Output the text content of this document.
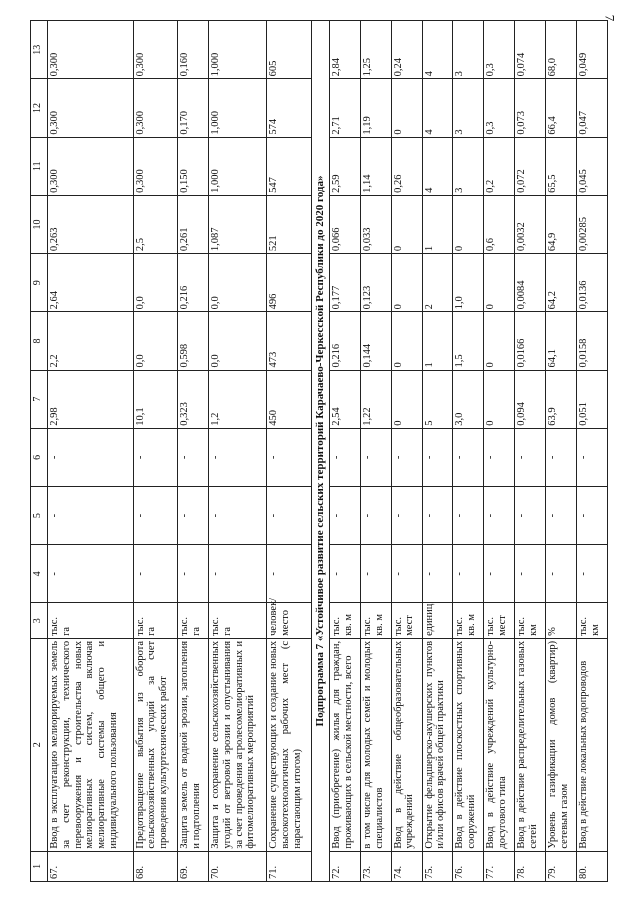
7
1	2	3	4	5	6	7	8	9	10	11	12	13
67.	Ввод в эксплуатацию мелиорируемых земель за счет реконструкции, технического перевооружения и строительства новых мелиоративных систем, включая мелиоративные системы общего и индивидуального пользования	тыс. га	-	-	-	2,98	2,2	2,64	0,263	0,300	0,300	0,300
68.	Предотвращение выбытия из оборота сельскохозяйственных угодий за счет проведения культуртехнических работ	тыс. га	-	-	-	10,1	0,0	0,0	2,5	0,300	0,300	0,300
69.	Защита земель от водной эрозии, затопления и подтопления	тыс. га	-	-	-	0,323	0,598	0,216	0,261	0,150	0,170	0,160
70.	Защита и сохранение сельскохозяйственных угодий от ветровой эрозии и опустынивания за счет проведения агролесомелиоративных и фитомелиоративных мероприятий	тыс. га	-	-	-	1,2	0,0	0,0	1,087	1,000	1,000	1,000
71.	Сохранение существующих и создание новых высокотехнологичных рабочих мест (с нарастающим итогом)	человек/место	-	-	-	450	473	496	521	547	574	605
Подпрограмма 7 «Устойчивое развитие сельских территорий Карачаево-Черкесской Республики до 2020 года»												
72.	Ввод (приобретение) жилья для граждан, проживающих в сельской местности, всего	тыс. кв. м	-	-	-	2,54	0,216	0,177	0,066	2,59	2,71	2,84
73.	в том числе для молодых семей и молодых специалистов	тыс. кв. м	-	-	-	1,22	0,144	0,123	0,033	1,14	1,19	1,25
74.	Ввод в действие общеобразовательных учреждений	тыс. мест	-	-	-	0	0	0	0	0,26	0	0,24
75.	Открытие фельдшерско-акушерских пунктов и/или офисов врачей общей практики	единиц	-	-	-	5	1	2	1	4	4	4
76.	Ввод в действие плоскостных спортивных сооружений	тыс. кв. м	-	-	-	3,0	1,5	1,0	0	3	3	3
77.	Ввод в действие учреждений культурно-досугового типа	тыс. мест	-	-	-	0	0	0	0,6	0,2	0,3	0,3
78.	Ввод в действие распределительных газовых сетей	тыс. км	-	-	-	0,094	0,0166	0,0084	0,0032	0,072	0,073	0,074
79.	Уровень газификации домов (квартир) сетевым газом	%	-	-	-	63,9	64,1	64,2	64,9	65,5	66,4	68,0
80.	Ввод в действие локальных водопроводов	тыс. км	-	-	-	0,051	0,0158	0,0136	0,00285	0,045	0,047	0,049
